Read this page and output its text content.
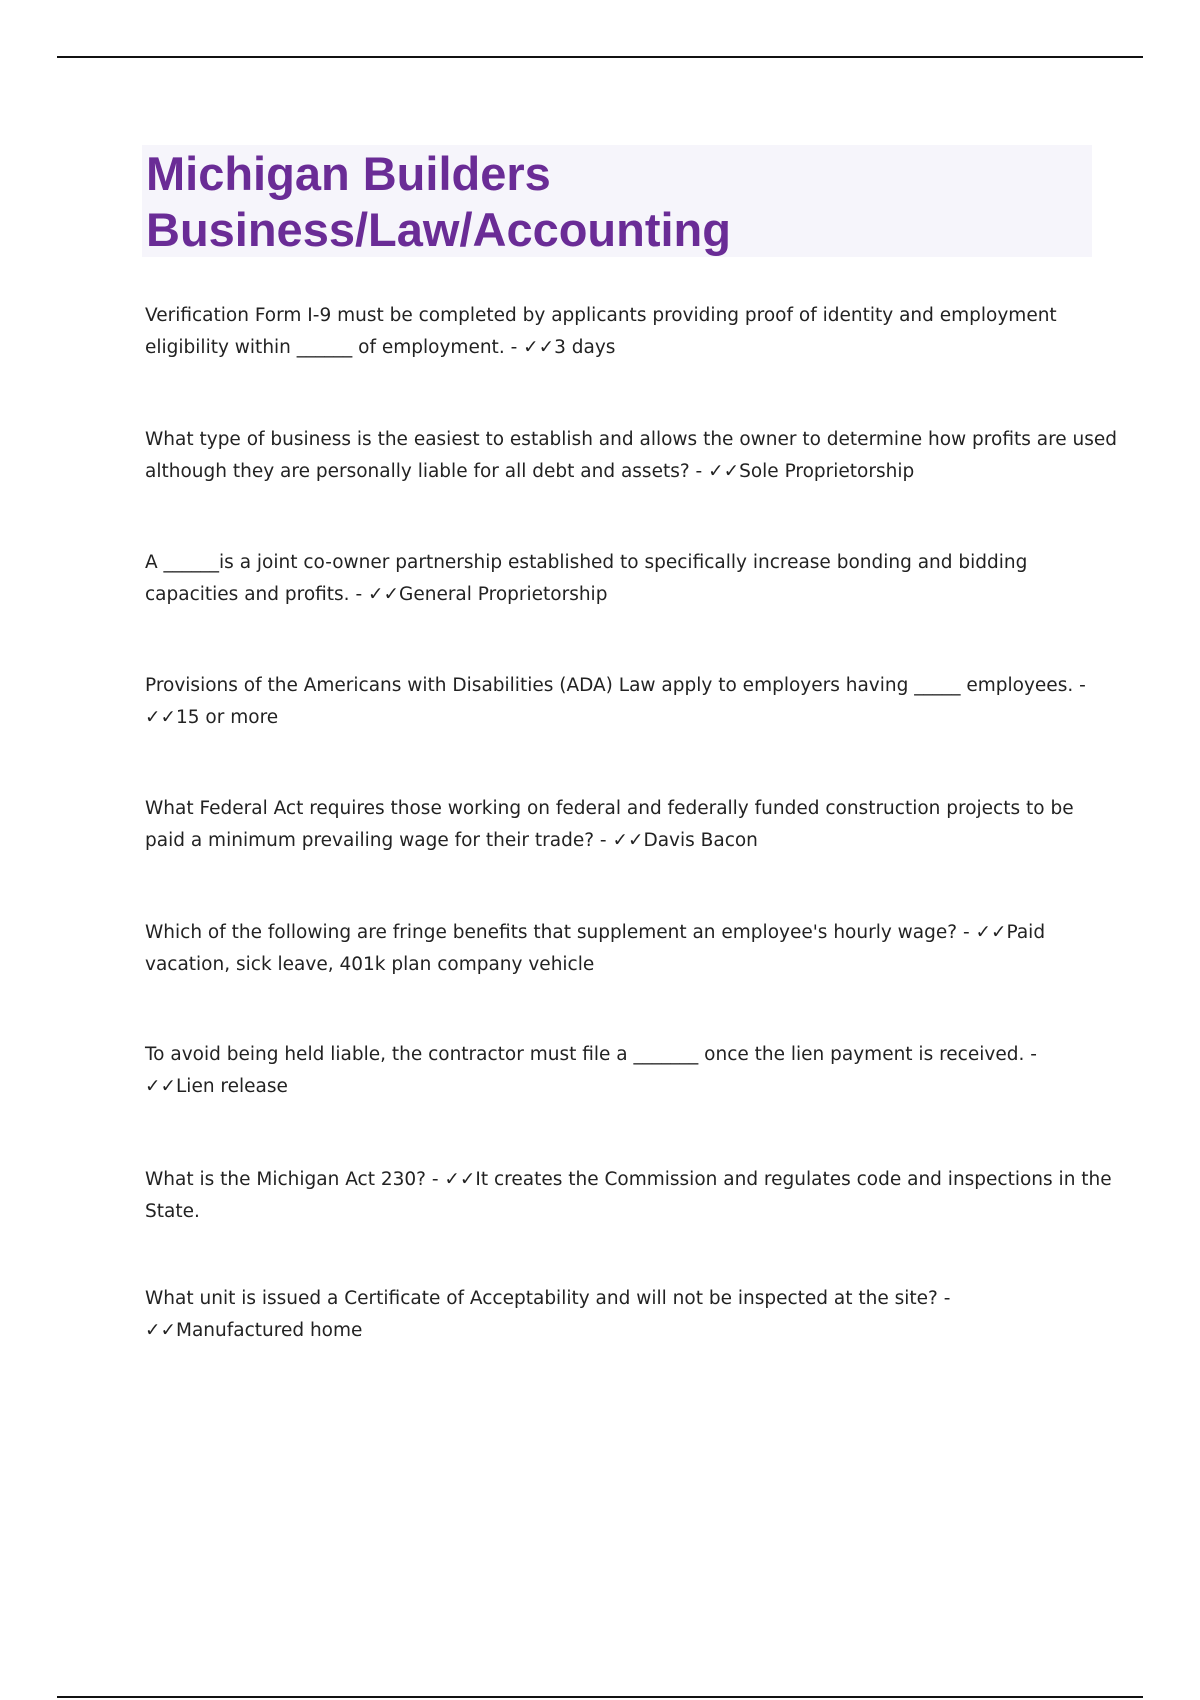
Michigan Builders
Business/Law/Accounting
Verification Form I-9 must be completed by applicants providing proof of identity and employment
eligibility within ______ of employment. - ✓✓3 days
What type of business is the easiest to establish and allows the owner to determine how profits are used
although they are personally liable for all debt and assets? - ✓✓Sole Proprietorship
A ______is a joint co-owner partnership established to specifically increase bonding and bidding
capacities and profits. - ✓✓General Proprietorship
Provisions of the Americans with Disabilities (ADA) Law apply to employers having _____ employees. -
✓✓15 or more
What Federal Act requires those working on federal and federally funded construction projects to be
paid a minimum prevailing wage for their trade? - ✓✓Davis Bacon
Which of the following are fringe benefits that supplement an employee's hourly wage? - ✓✓Paid
vacation, sick leave, 401k plan company vehicle
To avoid being held liable, the contractor must file a _______ once the lien payment is received. -
✓✓Lien release
What is the Michigan Act 230? - ✓✓It creates the Commission and regulates code and inspections in the
State.
What unit is issued a Certificate of Acceptability and will not be inspected at the site? -
✓✓Manufactured home
